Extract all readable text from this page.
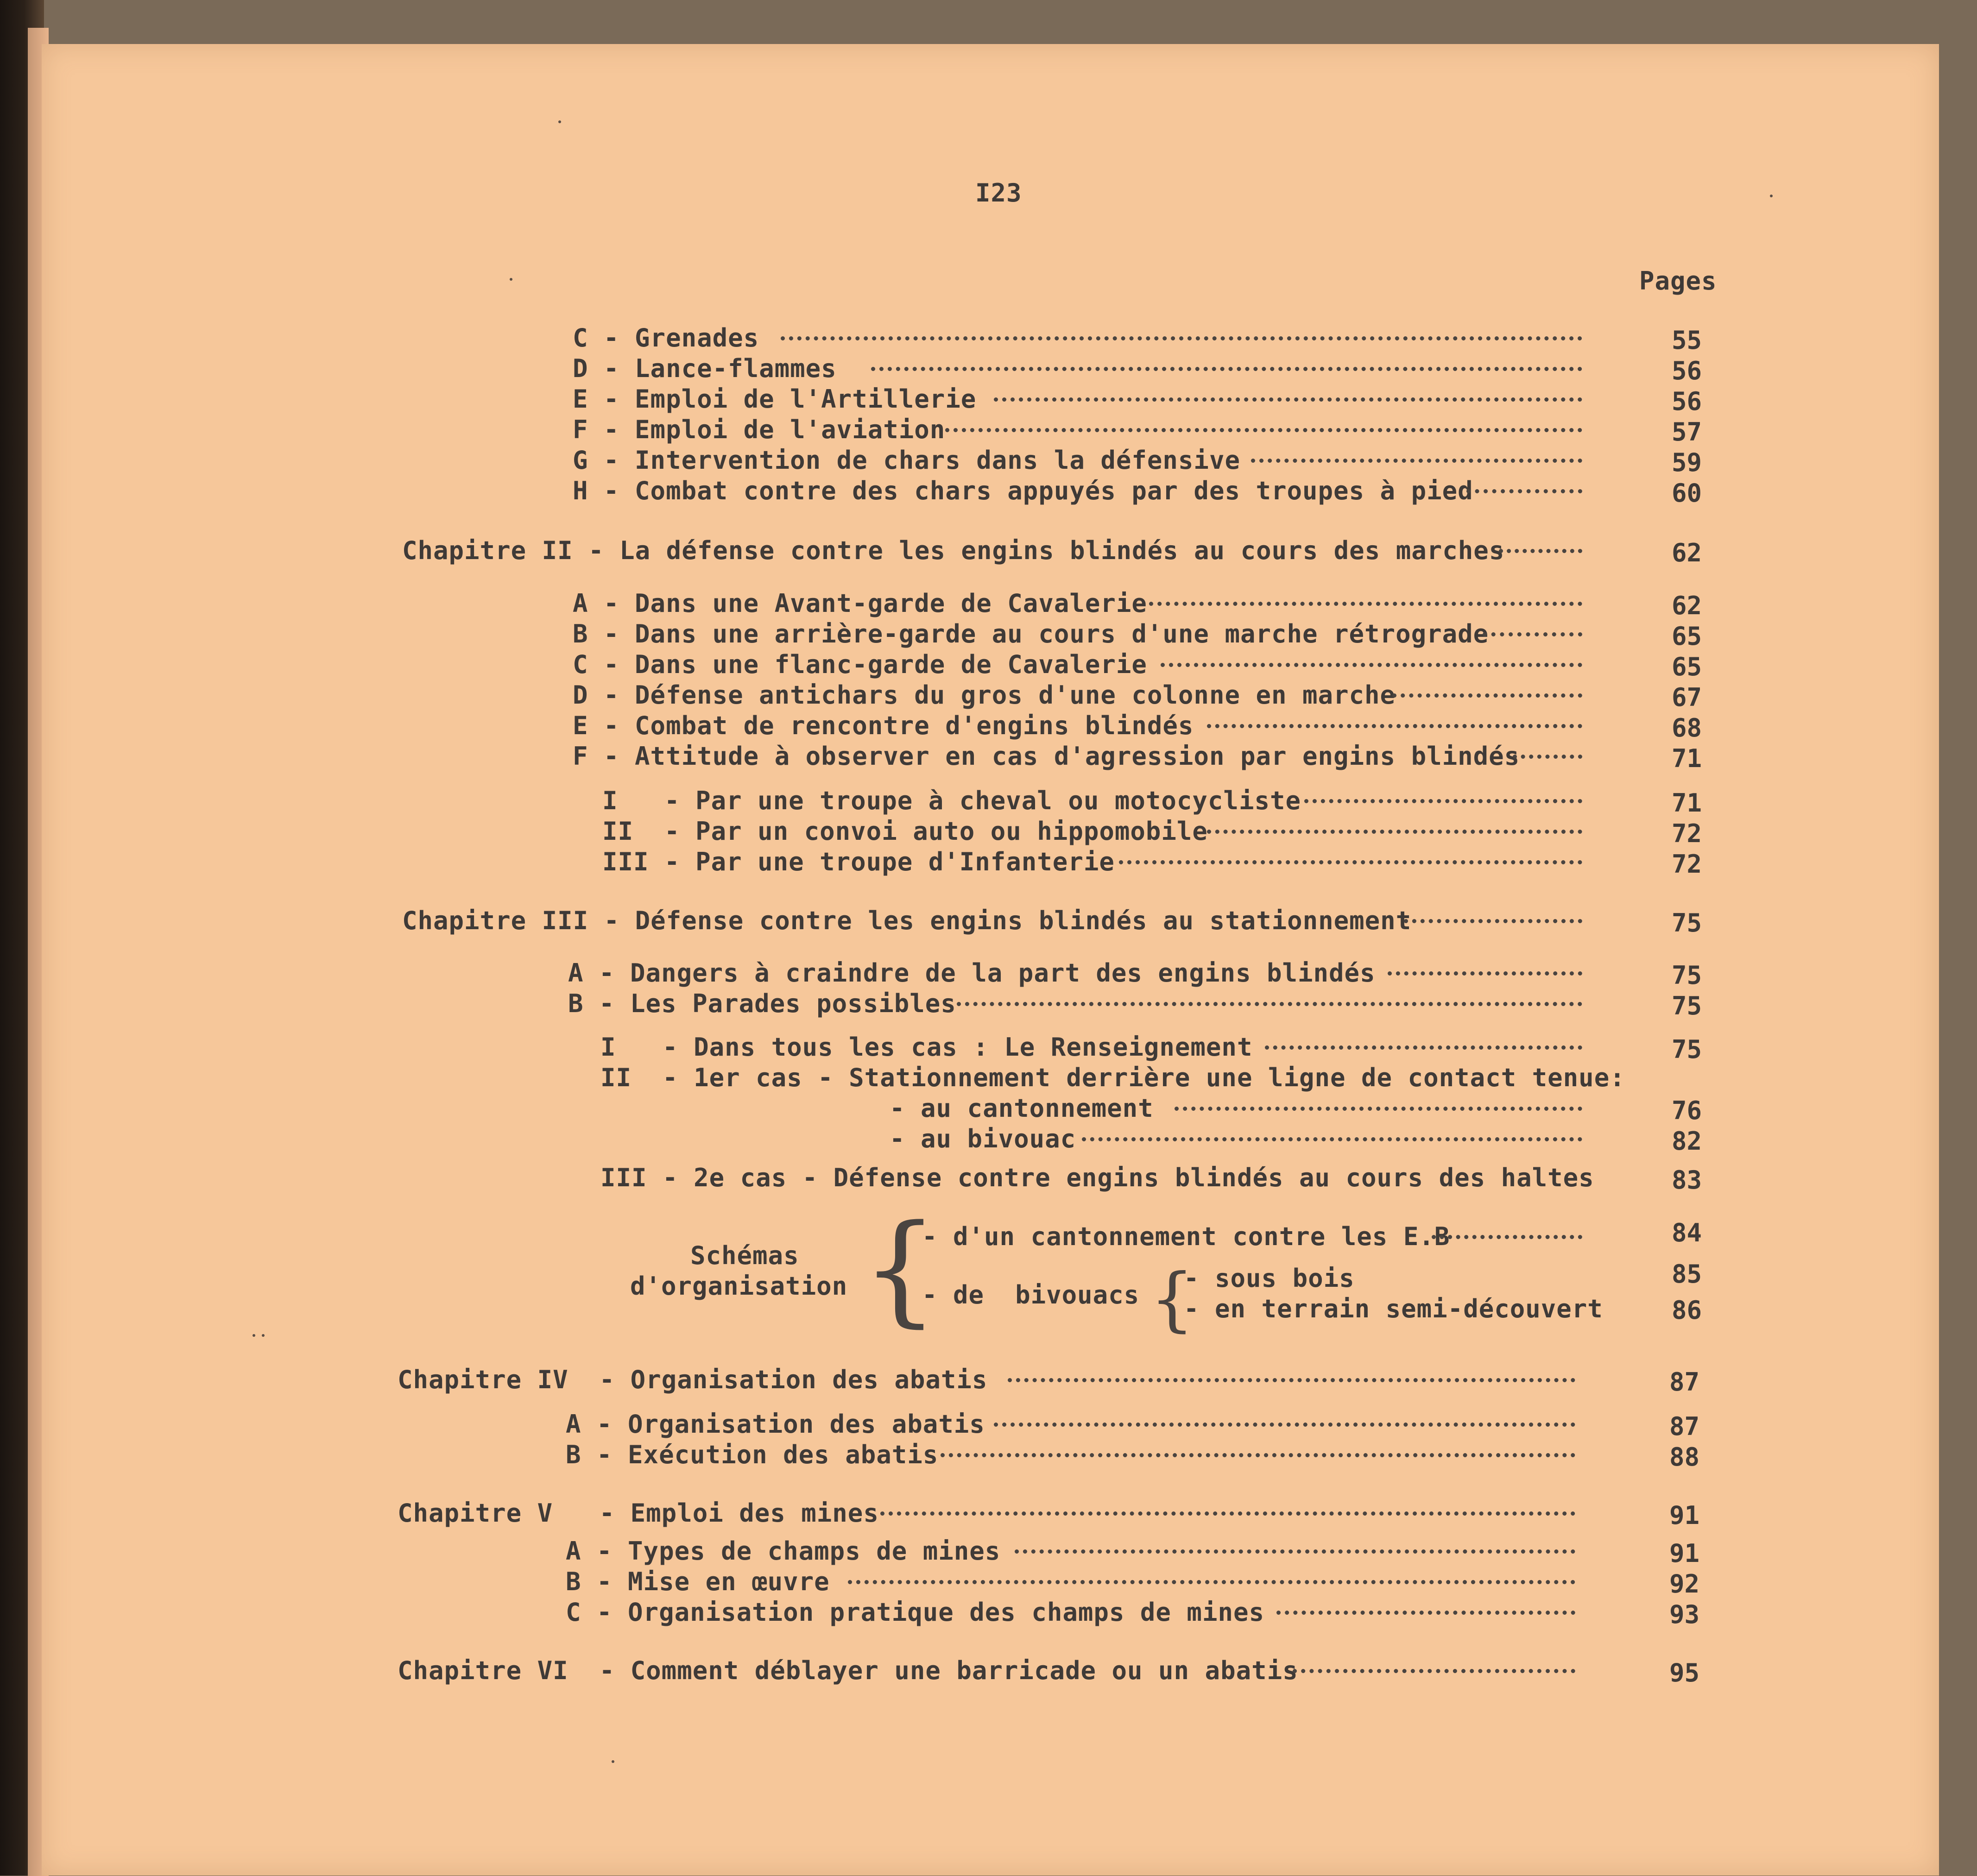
I23
Pages
C - Grenades	55
D - Lance-flammes	56
E - Emploi de l'Artillerie	56
F - Emploi de l'aviation	57
G - Intervention de chars dans la défensive	59
H - Combat contre des chars appuyés par des troupes à pied	60
Chapitre II - La défense contre les engins blindés au cours des marches	62
A - Dans une Avant-garde de Cavalerie	62
B - Dans une arrière-garde au cours d'une marche rétrograde	65
C - Dans une flanc-garde de Cavalerie	65
D - Défense antichars du gros d'une colonne en marche	67
E - Combat de rencontre d'engins blindés	68
F - Attitude à observer en cas d'agression par engins blindés	71
I   - Par une troupe à cheval ou motocycliste	71
II  - Par un convoi auto ou hippomobile	72
III - Par une troupe d'Infanterie	72
Chapitre III - Défense contre les engins blindés au stationnement	75
A - Dangers à craindre de la part des engins blindés	75
B - Les Parades possibles	75
I   - Dans tous les cas : Le Renseignement	75
II  - 1er cas - Stationnement derrière une ligne de contact tenue:
- au cantonnement	76
- au bivouac	82
III - 2e cas - Défense contre engins blindés au cours des haltes	83
Schémas
d'organisation {
- d'un cantonnement contre les E.B	84
- de  bivouacs {
- sous bois	85
- en terrain semi-découvert	86
Chapitre IV  - Organisation des abatis	87
A - Organisation des abatis	87
B - Exécution des abatis	88
Chapitre V   - Emploi des mines	91
A - Types de champs de mines	91
B - Mise en œuvre	92
C - Organisation pratique des champs de mines	93
Chapitre VI  - Comment déblayer une barricade ou un abatis	95
